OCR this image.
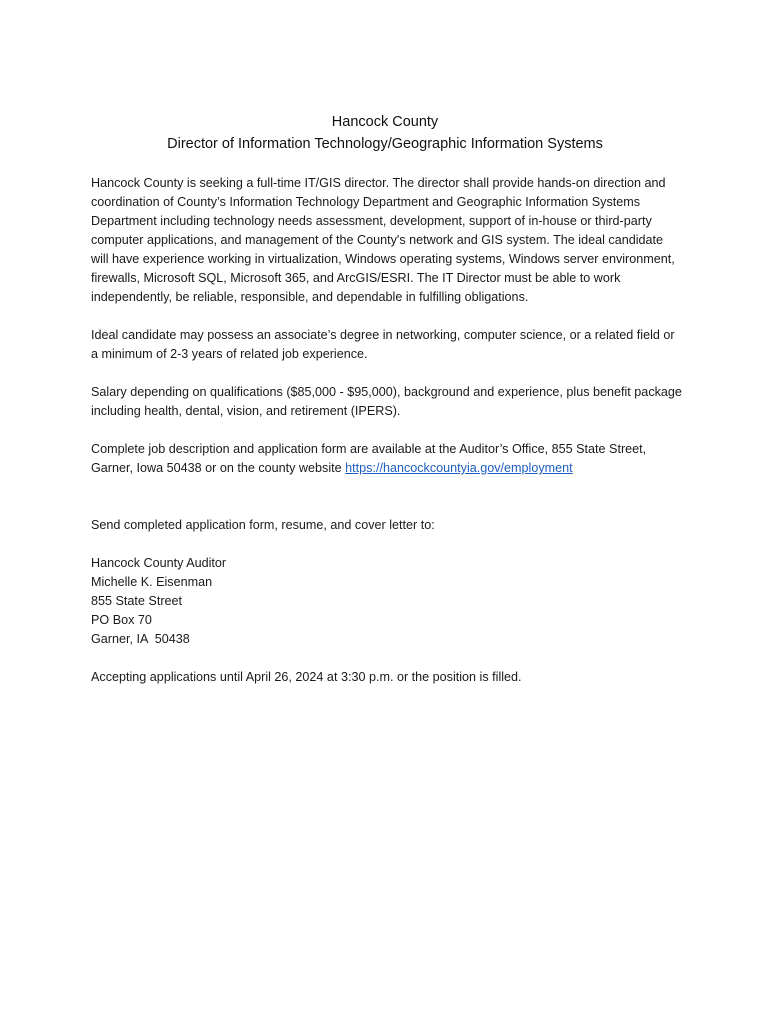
Hancock County

Director of Information Technology/Geographic Information Systems

Hancock County is seeking a full-time IT/GIS director. The director shall provide hands-on direction and coordination of County’s Information Technology Department and Geographic Information Systems Department including technology needs assessment, development, support of in-house or third-party computer applications, and management of the County's network and GIS system. The ideal candidate will have experience working in virtualization, Windows operating systems, Windows server environment, firewalls, Microsoft SQL, Microsoft 365, and ArcGIS/ESRI. The IT Director must be able to work independently, be reliable, responsible, and dependable in fulfilling obligations.

Ideal candidate may possess an associate’s degree in networking, computer science, or a related field or a minimum of 2-3 years of related job experience.

Salary depending on qualifications ($85,000 - $95,000), background and experience, plus benefit package including health, dental, vision, and retirement (IPERS).

Complete job description and application form are available at the Auditor’s Office, 855 State Street, Garner, Iowa 50438 or on the county website https://hancockcountyia.gov/employment

Send completed application form, resume, and cover letter to:

Hancock County Auditor
Michelle K. Eisenman
855 State Street
PO Box 70
Garner, IA  50438

Accepting applications until April 26, 2024 at 3:30 p.m. or the position is filled.
